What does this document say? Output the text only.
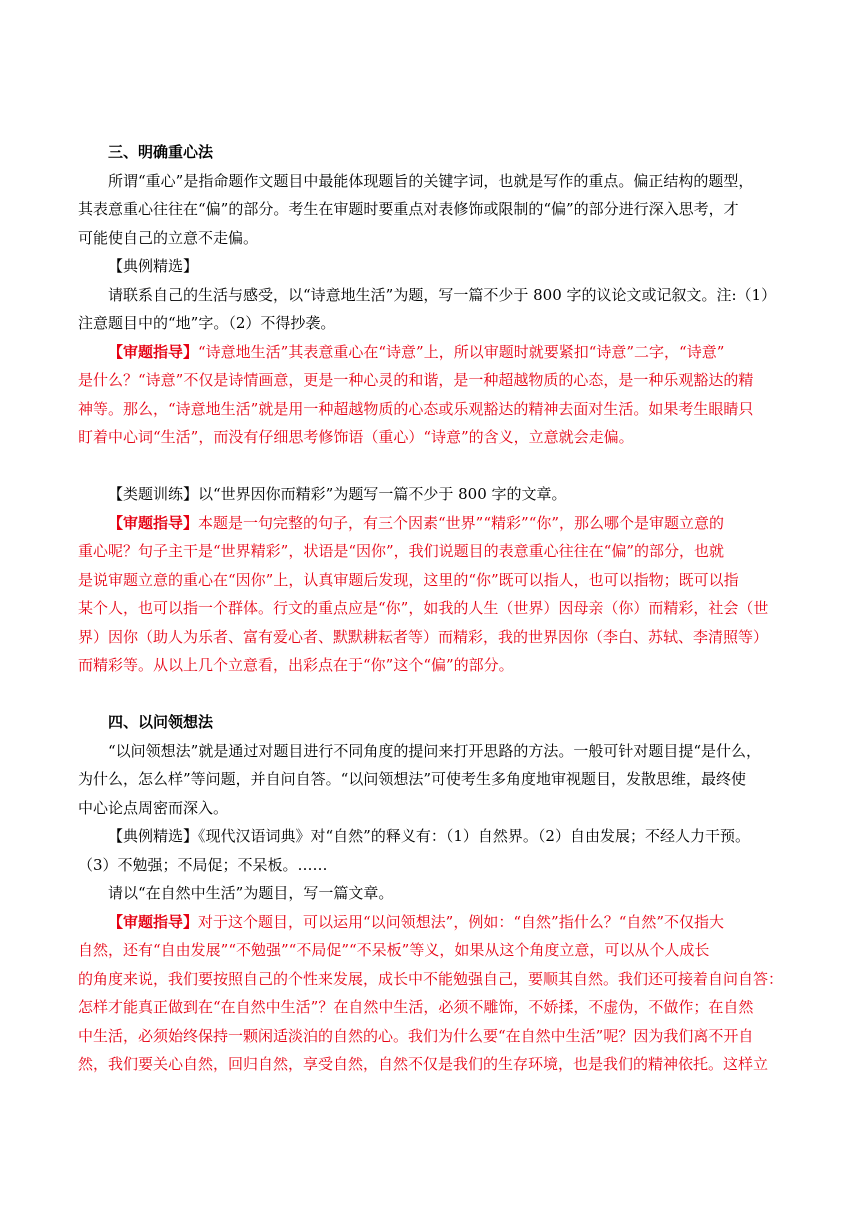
三、明确重心法
所谓“重心”是指命题作文题目中最能体现题旨的关键字词，也就是写作的重点。偏正结构的题型，
其表意重心往往在“偏”的部分。考生在审题时要重点对表修饰或限制的“偏”的部分进行深入思考，才
可能使自己的立意不走偏。
【典例精选】
请联系自己的生活与感受，以“诗意地生活”为题，写一篇不少于 800 字的议论文或记叙文。注:（1）
注意题目中的“地”字。（2）不得抄袭。
【审题指导】“诗意地生活”其表意重心在“诗意”上，所以审题时就要紧扣“诗意”二字，“诗意”
是什么？“诗意”不仅是诗情画意，更是一种心灵的和谐，是一种超越物质的心态，是一种乐观豁达的精
神等。那么，“诗意地生活”就是用一种超越物质的心态或乐观豁达的精神去面对生活。如果考生眼睛只
盯着中心词“生活”，而没有仔细思考修饰语（重心）“诗意”的含义，立意就会走偏。
【类题训练】以“世界因你而精彩”为题写一篇不少于 800 字的文章。
【审题指导】本题是一句完整的句子，有三个因素“世界”“精彩”“你”，那么哪个是审题立意的
重心呢？句子主干是“世界精彩”，状语是“因你”，我们说题目的表意重心往往在“偏”的部分，也就
是说审题立意的重心在“因你”上，认真审题后发现，这里的“你”既可以指人，也可以指物；既可以指
某个人，也可以指一个群体。行文的重点应是“你”，如我的人生（世界）因母亲（你）而精彩，社会（世
界）因你（助人为乐者、富有爱心者、默默耕耘者等）而精彩，我的世界因你（李白、苏轼、李清照等）
而精彩等。从以上几个立意看，出彩点在于“你”这个“偏”的部分。
四、以问领想法
“以问领想法”就是通过对题目进行不同角度的提问来打开思路的方法。一般可针对题目提“是什么，
为什么，怎么样”等问题，并自问自答。“以问领想法”可使考生多角度地审视题目，发散思维，最终使
中心论点周密而深入。
【典例精选】《现代汉语词典》对“自然”的释义有：（1）自然界。（2）自由发展；不经人力干预。
（3）不勉强；不局促；不呆板。……
请以“在自然中生活”为题目，写一篇文章。
【审题指导】对于这个题目，可以运用“以问领想法”，例如：“自然”指什么？“自然”不仅指大
自然，还有“自由发展”“不勉强”“不局促”“不呆板”等义，如果从这个角度立意，可以从个人成长
的角度来说，我们要按照自己的个性来发展，成长中不能勉强自己，要顺其自然。我们还可接着自问自答：
怎样才能真正做到在“在自然中生活”？在自然中生活，必须不雕饰，不娇揉，不虚伪，不做作；在自然
中生活，必须始终保持一颗闲适淡泊的自然的心。我们为什么要“在自然中生活”呢？因为我们离不开自
然，我们要关心自然，回归自然，享受自然，自然不仅是我们的生存环境，也是我们的精神依托。这样立
